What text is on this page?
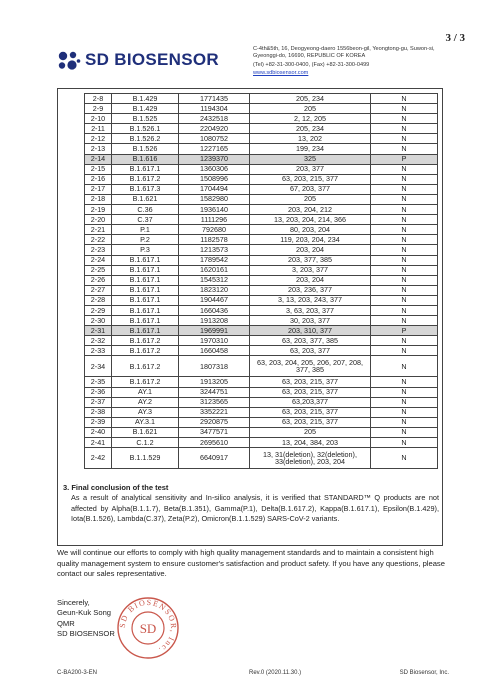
3 / 3
SD BIOSENSOR
C-4th&5th, 16, Deogyeong-daero 1556beon-gil, Yeongtong-gu, Suwon-si,
Gyeonggi-do, 16690, REPUBLIC OF KOREA
(Tel) +82-31-300-0400, (Fax) +82-31-300-0499
www.sdbiosensor.com
2-8	B.1.429	1771435	205, 234	N
2-9	B.1.429	1194304	205	N
2-10	B.1.525	2432518	2, 12, 205	N
2-11	B.1.526.1	2204920	205, 234	N
2-12	B.1.526.2	1080752	13, 202	N
2-13	B.1.526	1227165	199, 234	N
2-14	B.1.616	1239370	325	P
2-15	B.1.617.1	1360306	203, 377	N
2-16	B.1.617.2	1508996	63, 203, 215, 377	N
2-17	B.1.617.3	1704494	67, 203, 377	N
2-18	B.1.621	1582980	205	N
2-19	C.36	1936140	203, 204, 212	N
2-20	C.37	1111296	13, 203, 204, 214, 366	N
2-21	P.1	792680	80, 203, 204	N
2-22	P.2	1182578	119, 203, 204, 234	N
2-23	P.3	1213573	203, 204	N
2-24	B.1.617.1	1789542	203, 377, 385	N
2-25	B.1.617.1	1620161	3, 203, 377	N
2-26	B.1.617.1	1545312	203, 204	N
2-27	B.1.617.1	1823120	203, 236, 377	N
2-28	B.1.617.1	1904467	3, 13, 203, 243, 377	N
2-29	B.1.617.1	1660436	3, 63, 203, 377	N
2-30	B.1.617.1	1913208	30, 203, 377	N
2-31	B.1.617.1	1969991	203, 310, 377	P
2-32	B.1.617.2	1970310	63, 203, 377, 385	N
2-33	B.1.617.2	1660458	63, 203, 377	N
2-34	B.1.617.2	1807318	63, 203, 204, 205, 206, 207, 208, 377, 385	N
2-35	B.1.617.2	1913205	63, 203, 215, 377	N
2-36	AY.1	3244751	63, 203, 215, 377	N
2-37	AY.2	3123565	63,203,377	N
2-38	AY.3	3352221	63, 203, 215, 377	N
2-39	AY.3.1	2920875	63, 203, 215, 377	N
2-40	B.1.621	3477571	205	N
2-41	C.1.2	2695610	13, 204, 384, 203	N
2-42	B.1.1.529	6640917	13, 31(deletion), 32(deletion), 33(deletion), 203, 204	N
3. Final conclusion of the test
As a result of analytical sensitivity and In-silico analysis, it is verified that STANDARD™ Q products are not affected by Alpha(B.1.1.7), Beta(B.1.351), Gamma(P.1), Delta(B.1.617.2), Kappa(B.1.617.1), Epsilon(B.1.429), Iota(B.1.526), Lambda(C.37), Zeta(P.2), Omicron(B.1.1.529) SARS-CoV-2 variants.
We will continue our efforts to comply with high quality management standards and to maintain a consistent high quality management system to ensure customer's satisfaction and product safety. If you have any questions, please contact our sales representative.
Sincerely,
Geun-Kuk Song
QMR
SD BIOSENSOR
SD BIOSENSOR, Inc.
SD
C-BA200-3-EN	Rev.0 (2020.11.30.)	SD Biosensor, Inc.
